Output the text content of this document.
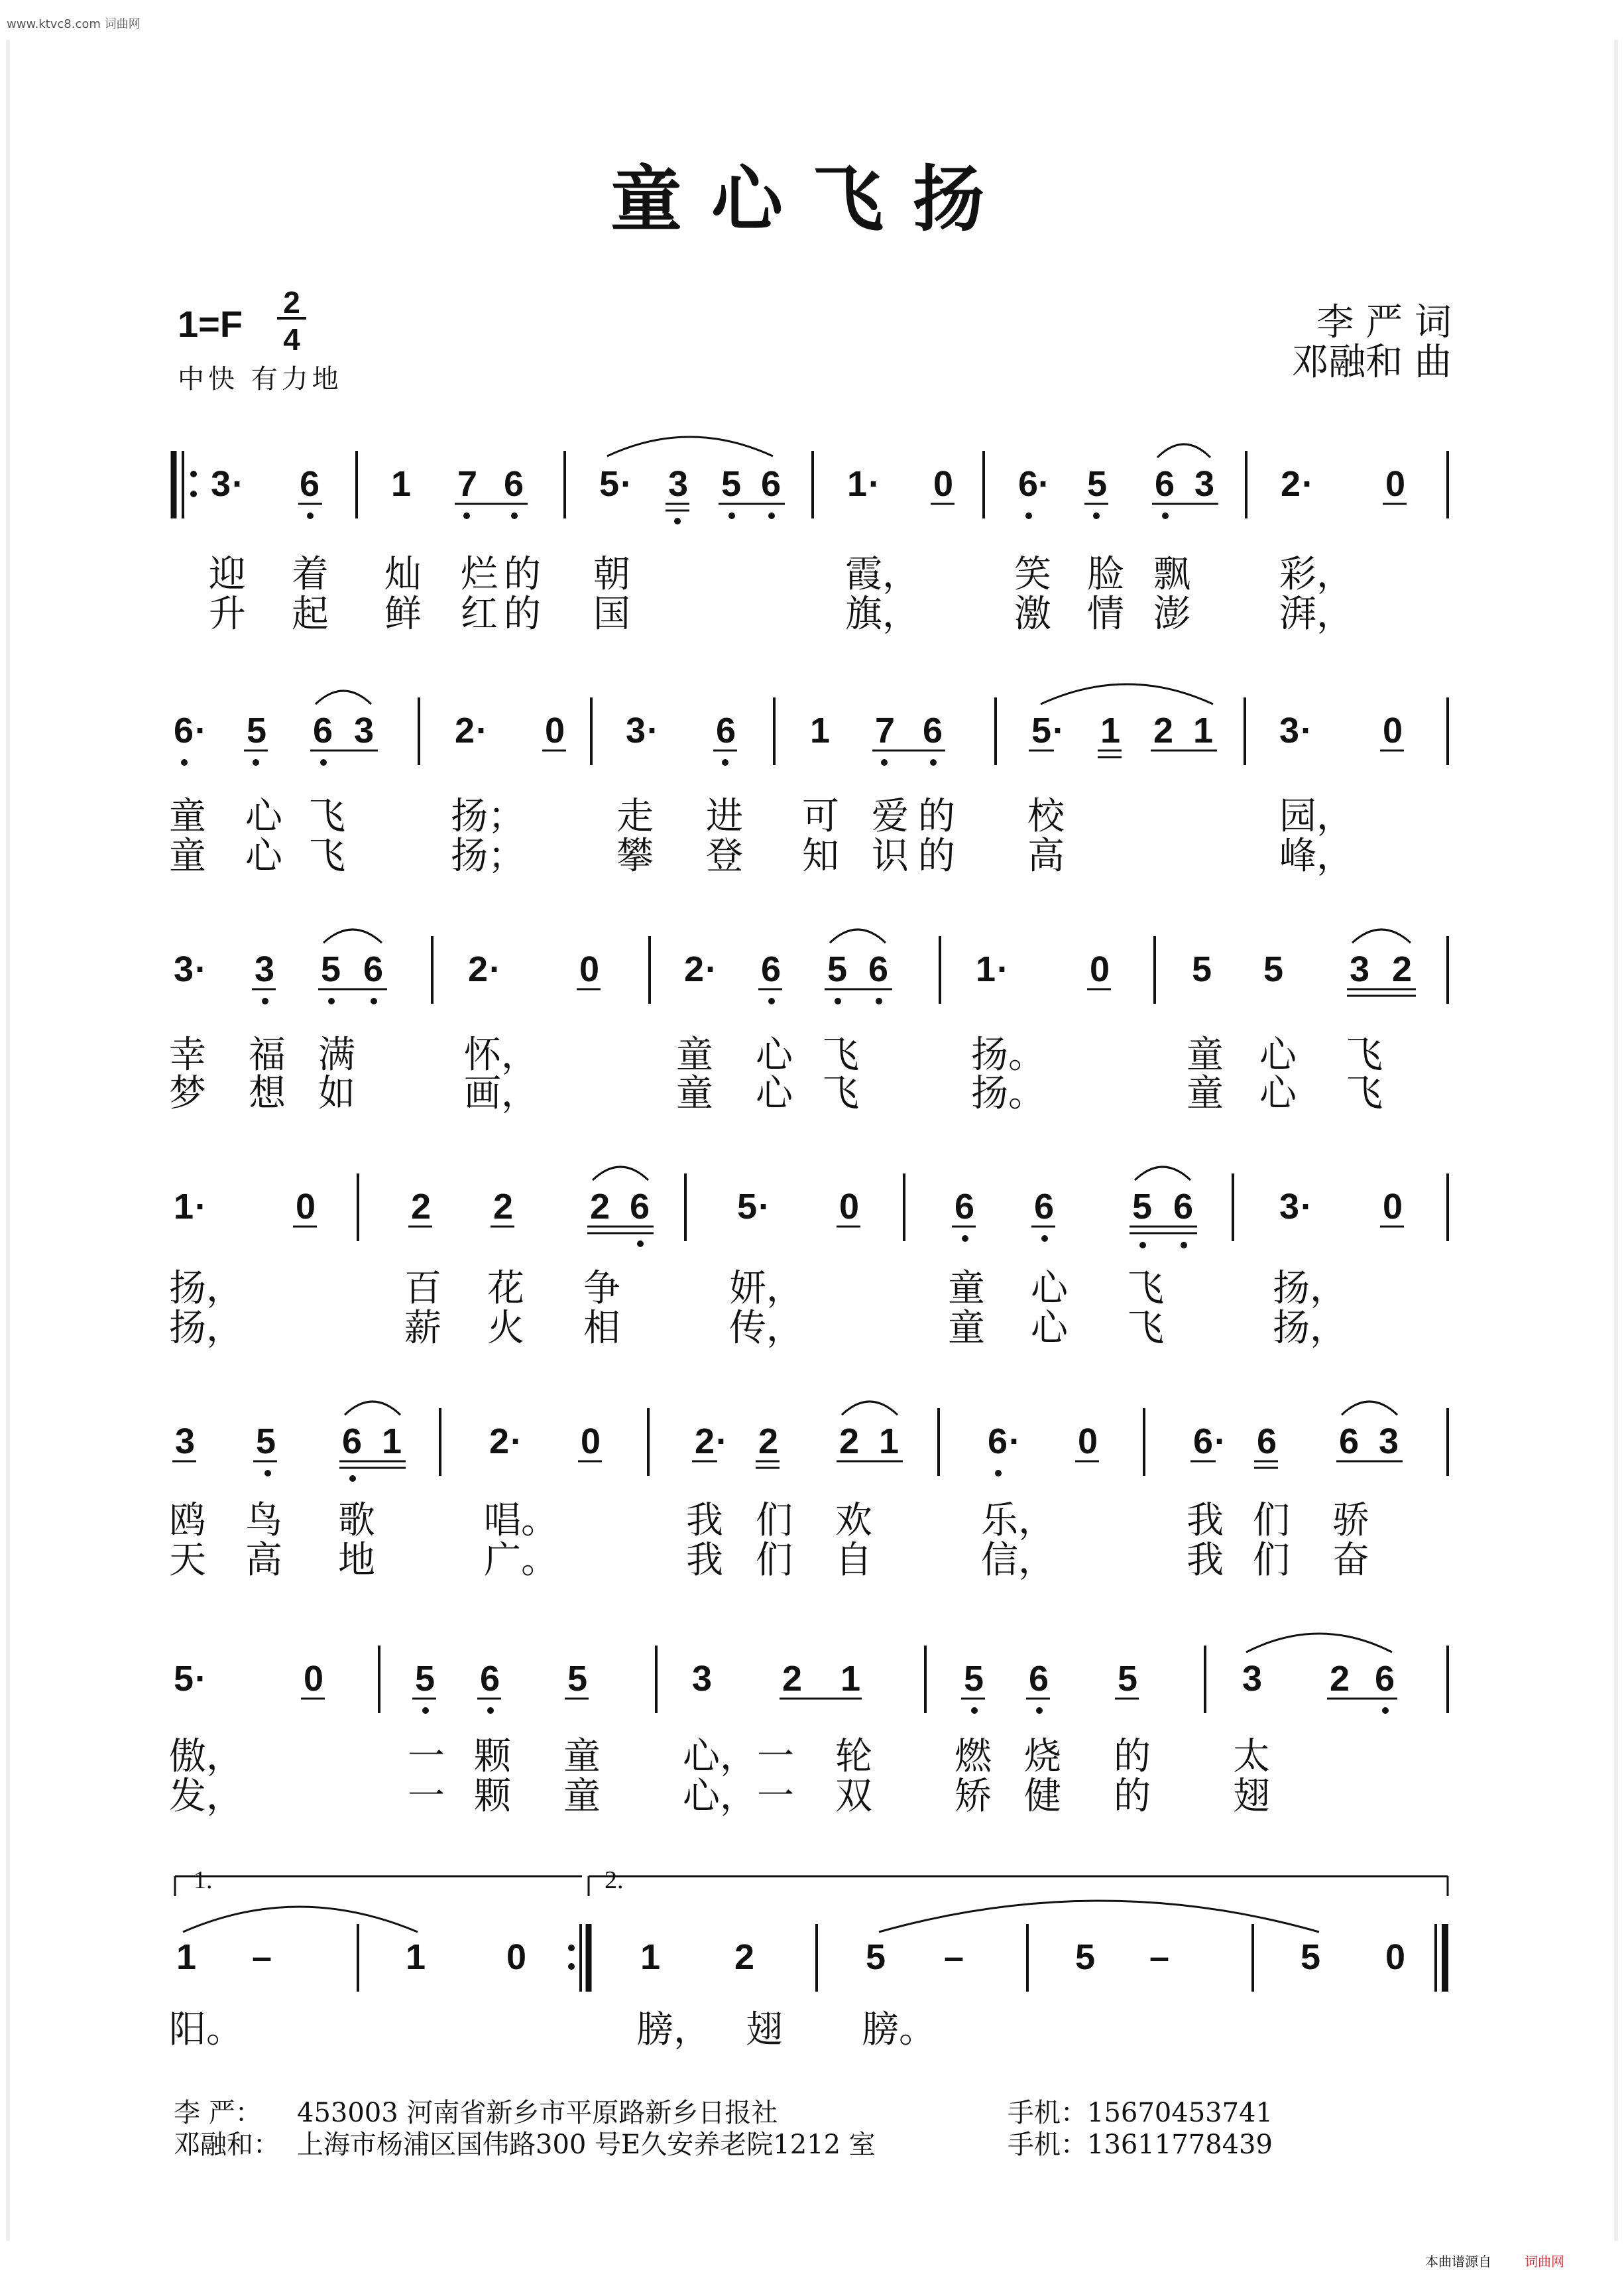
www.ktvc8.com 词曲网
童心飞扬
1=F
2
4
中快 有力地
李 严 词
邓融和 曲
3 · 6 1 7 6 5 · 3 5 6 1 · 0 6 · 5 6 3 2 · 0
迎 着 灿 烂 的 朝	霞，	笑 脸 飘 彩，
升 起 鲜 红 的 国	旗，	激 情 澎 湃，
6 · 5 6 3 2 · 0 3 · 6 1 7 6 5 · 1 2 1 3 · 0
童 心 飞	扬； 走 进 可 爱 的 校	园，
童 心 飞	扬； 攀 登 知 识 的 高	峰，
3 · 3 5 6 2 · 0 2 · 6 5 6 1 · 0 5 5 3 2
幸 福 满	怀，	童 心 飞	扬。	童 心 飞
梦 想 如	画，	童 心 飞	扬。	童 心 飞
1 · 0	2 2 2 6 5 · 0	6 6 5 6 3 · 0
扬，	百 花 争	妍，	童 心 飞	扬，
扬，	薪 火 相	传，	童 心 飞	扬，
3 5 6 1 2 · 0	2 · 2 2 1 6 · 0	6 · 6 6 3
鸥 鸟 歌	唱。	我 们 欢	乐，	我 们 骄
天 高 地	广。	我 们 自	信，	我 们 奋
5 ·	0	5 6 5	3 2 1	5 6 5	3 2 6
傲，	一 颗 童 心，一 轮 燃 烧 的 太
发，	一 颗 童 心，一 双 矫 健 的 翅
1.	2.
1 –	1 0	1 2	5 –	5 –	5 0
阳。	膀， 翅 膀。
李 严： 453003 河南省新乡市平原路新乡日报社	手机：15670453741
邓融和： 上海市杨浦区国伟路300 号E久安养老院1212 室	手机：13611778439
本曲谱源自	词曲网
